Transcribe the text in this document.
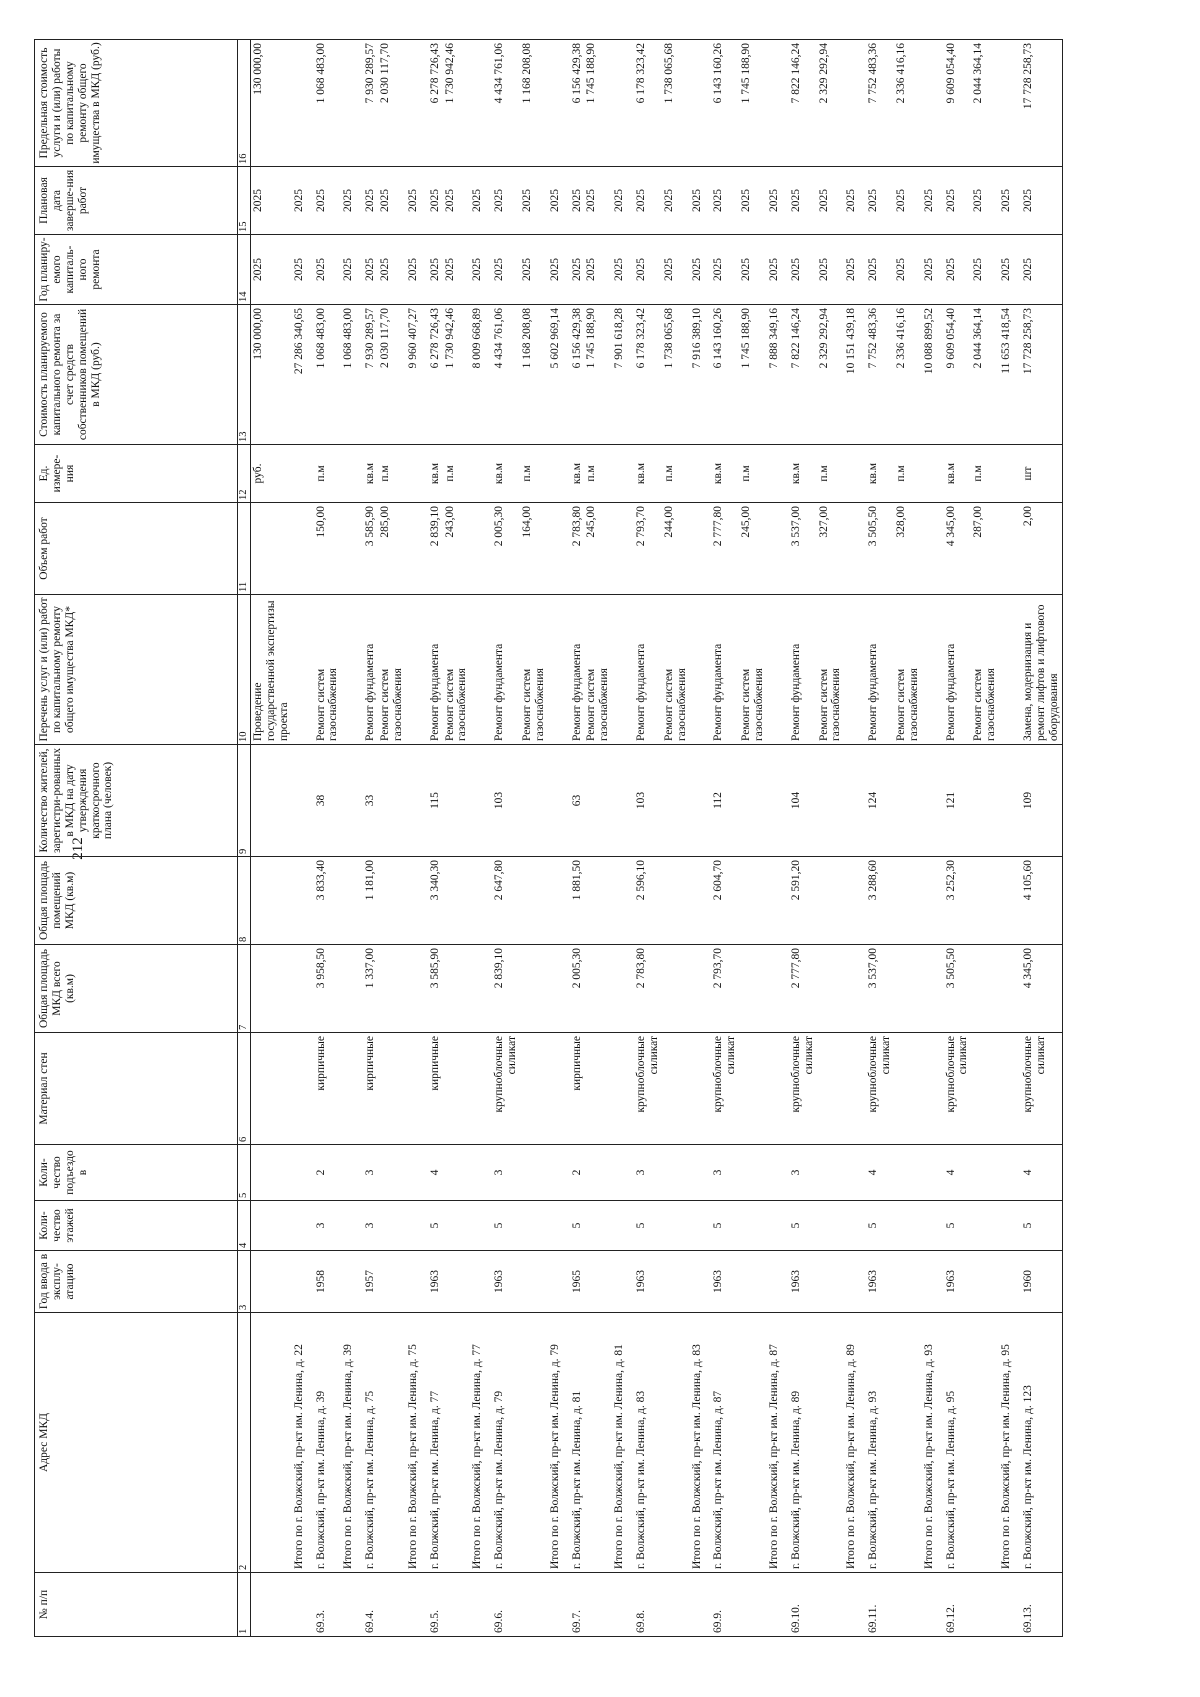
212
№ п/п	Адрес МКД	Год ввода в эксплу-атацию	Коли-чество этажей	Коли-чество подъездо в	Материал стен	Общая площадь МКД всего (кв.м)	Общая площадь помещений МКД (кв.м)	Количество жителей, зарегистри-рованных в МКД на дату утверждения краткосрочного плана (человек)	Перечень услуг и (или) работ по капитальному ремонту общего имущества МКД*	Объем работ	Ед. измере-ния	Стоимость планируемого капитального ремонта за счет средств собственников помещений в МКД (руб.)	Год планиру-емого капиталь-ного ремонта	Плановая дата заверше-ния работ	Предельная стоимость услуги и (или) работы по капитальному ремонту общего имущества в МКД (руб.)
1	2	3	4	5	6	7	8	9	10	11	12	13	14	15	16
									Проведение государственной экспертизы проекта		руб.	130 000,00	2025	2025	130 000,00
	Итого по г. Волжский, пр-кт им. Ленина, д. 22											27 286 340,65	2025	2025	
69.3.	г. Волжский, пр-кт им. Ленина, д. 39	1958	3	2	кирпичные	3 958,50	3 833,40	38	Ремонт систем газоснабжения	150,00	п.м	1 068 483,00	2025	2025	1 068 483,00
	Итого по г. Волжский, пр-кт им. Ленина, д. 39											1 068 483,00	2025	2025	
69.4.	г. Волжский, пр-кт им. Ленина, д. 75	1957	3	3	кирпичные	1 337,00	1 181,00	33	Ремонт фундамента	3 585,90	кв.м	7 930 289,57	2025	2025	7 930 289,57
									Ремонт систем газоснабжения	285,00	п.м	2 030 117,70	2025	2025	2 030 117,70
	Итого по г. Волжский, пр-кт им. Ленина, д. 75											9 960 407,27	2025	2025	
69.5.	г. Волжский, пр-кт им. Ленина, д. 77	1963	5	4	кирпичные	3 585,90	3 340,30	115	Ремонт фундамента	2 839,10	кв.м	6 278 726,43	2025	2025	6 278 726,43
									Ремонт систем газоснабжения	243,00	п.м	1 730 942,46	2025	2025	1 730 942,46
	Итого по г. Волжский, пр-кт им. Ленина, д. 77											8 009 668,89	2025	2025	
69.6.	г. Волжский, пр-кт им. Ленина, д. 79	1963	5	3	крупноблочные силикат	2 839,10	2 647,80	103	Ремонт фундамента	2 005,30	кв.м	4 434 761,06	2025	2025	4 434 761,06
									Ремонт систем газоснабжения	164,00	п.м	1 168 208,08	2025	2025	1 168 208,08
	Итого по г. Волжский, пр-кт им. Ленина, д. 79											5 602 969,14	2025	2025	
69.7.	г. Волжский, пр-кт им. Ленина, д. 81	1965	5	2	кирпичные	2 005,30	1 881,50	63	Ремонт фундамента	2 783,80	кв.м	6 156 429,38	2025	2025	6 156 429,38
									Ремонт систем газоснабжения	245,00	п.м	1 745 188,90	2025	2025	1 745 188,90
	Итого по г. Волжский, пр-кт им. Ленина, д. 81											7 901 618,28	2025	2025	
69.8.	г. Волжский, пр-кт им. Ленина, д. 83	1963	5	3	крупноблочные силикат	2 783,80	2 596,10	103	Ремонт фундамента	2 793,70	кв.м	6 178 323,42	2025	2025	6 178 323,42
									Ремонт систем газоснабжения	244,00	п.м	1 738 065,68	2025	2025	1 738 065,68
	Итого по г. Волжский, пр-кт им. Ленина, д. 83											7 916 389,10	2025	2025	
69.9.	г. Волжский, пр-кт им. Ленина, д. 87	1963	5	3	крупноблочные силикат	2 793,70	2 604,70	112	Ремонт фундамента	2 777,80	кв.м	6 143 160,26	2025	2025	6 143 160,26
									Ремонт систем газоснабжения	245,00	п.м	1 745 188,90	2025	2025	1 745 188,90
	Итого по г. Волжский, пр-кт им. Ленина, д. 87											7 888 349,16	2025	2025	
69.10.	г. Волжский, пр-кт им. Ленина, д. 89	1963	5	3	крупноблочные силикат	2 777,80	2 591,20	104	Ремонт фундамента	3 537,00	кв.м	7 822 146,24	2025	2025	7 822 146,24
									Ремонт систем газоснабжения	327,00	п.м	2 329 292,94	2025	2025	2 329 292,94
	Итого по г. Волжский, пр-кт им. Ленина, д. 89											10 151 439,18	2025	2025	
69.11.	г. Волжский, пр-кт им. Ленина, д. 93	1963	5	4	крупноблочные силикат	3 537,00	3 288,60	124	Ремонт фундамента	3 505,50	кв.м	7 752 483,36	2025	2025	7 752 483,36
									Ремонт систем газоснабжения	328,00	п.м	2 336 416,16	2025	2025	2 336 416,16
	Итого по г. Волжский, пр-кт им. Ленина, д. 93											10 088 899,52	2025	2025	
69.12.	г. Волжский, пр-кт им. Ленина, д. 95	1963	5	4	крупноблочные силикат	3 505,50	3 252,30	121	Ремонт фундамента	4 345,00	кв.м	9 609 054,40	2025	2025	9 609 054,40
									Ремонт систем газоснабжения	287,00	п.м	2 044 364,14	2025	2025	2 044 364,14
	Итого по г. Волжский, пр-кт им. Ленина, д. 95											11 653 418,54	2025	2025	
69.13.	г. Волжский, пр-кт им. Ленина, д. 123	1960	5	4	крупноблочные силикат	4 345,00	4 105,60	109	Замена, модернизация и ремонт лифтов и лифтового оборудования	2,00	шт	17 728 258,73	2025	2025	17 728 258,73
